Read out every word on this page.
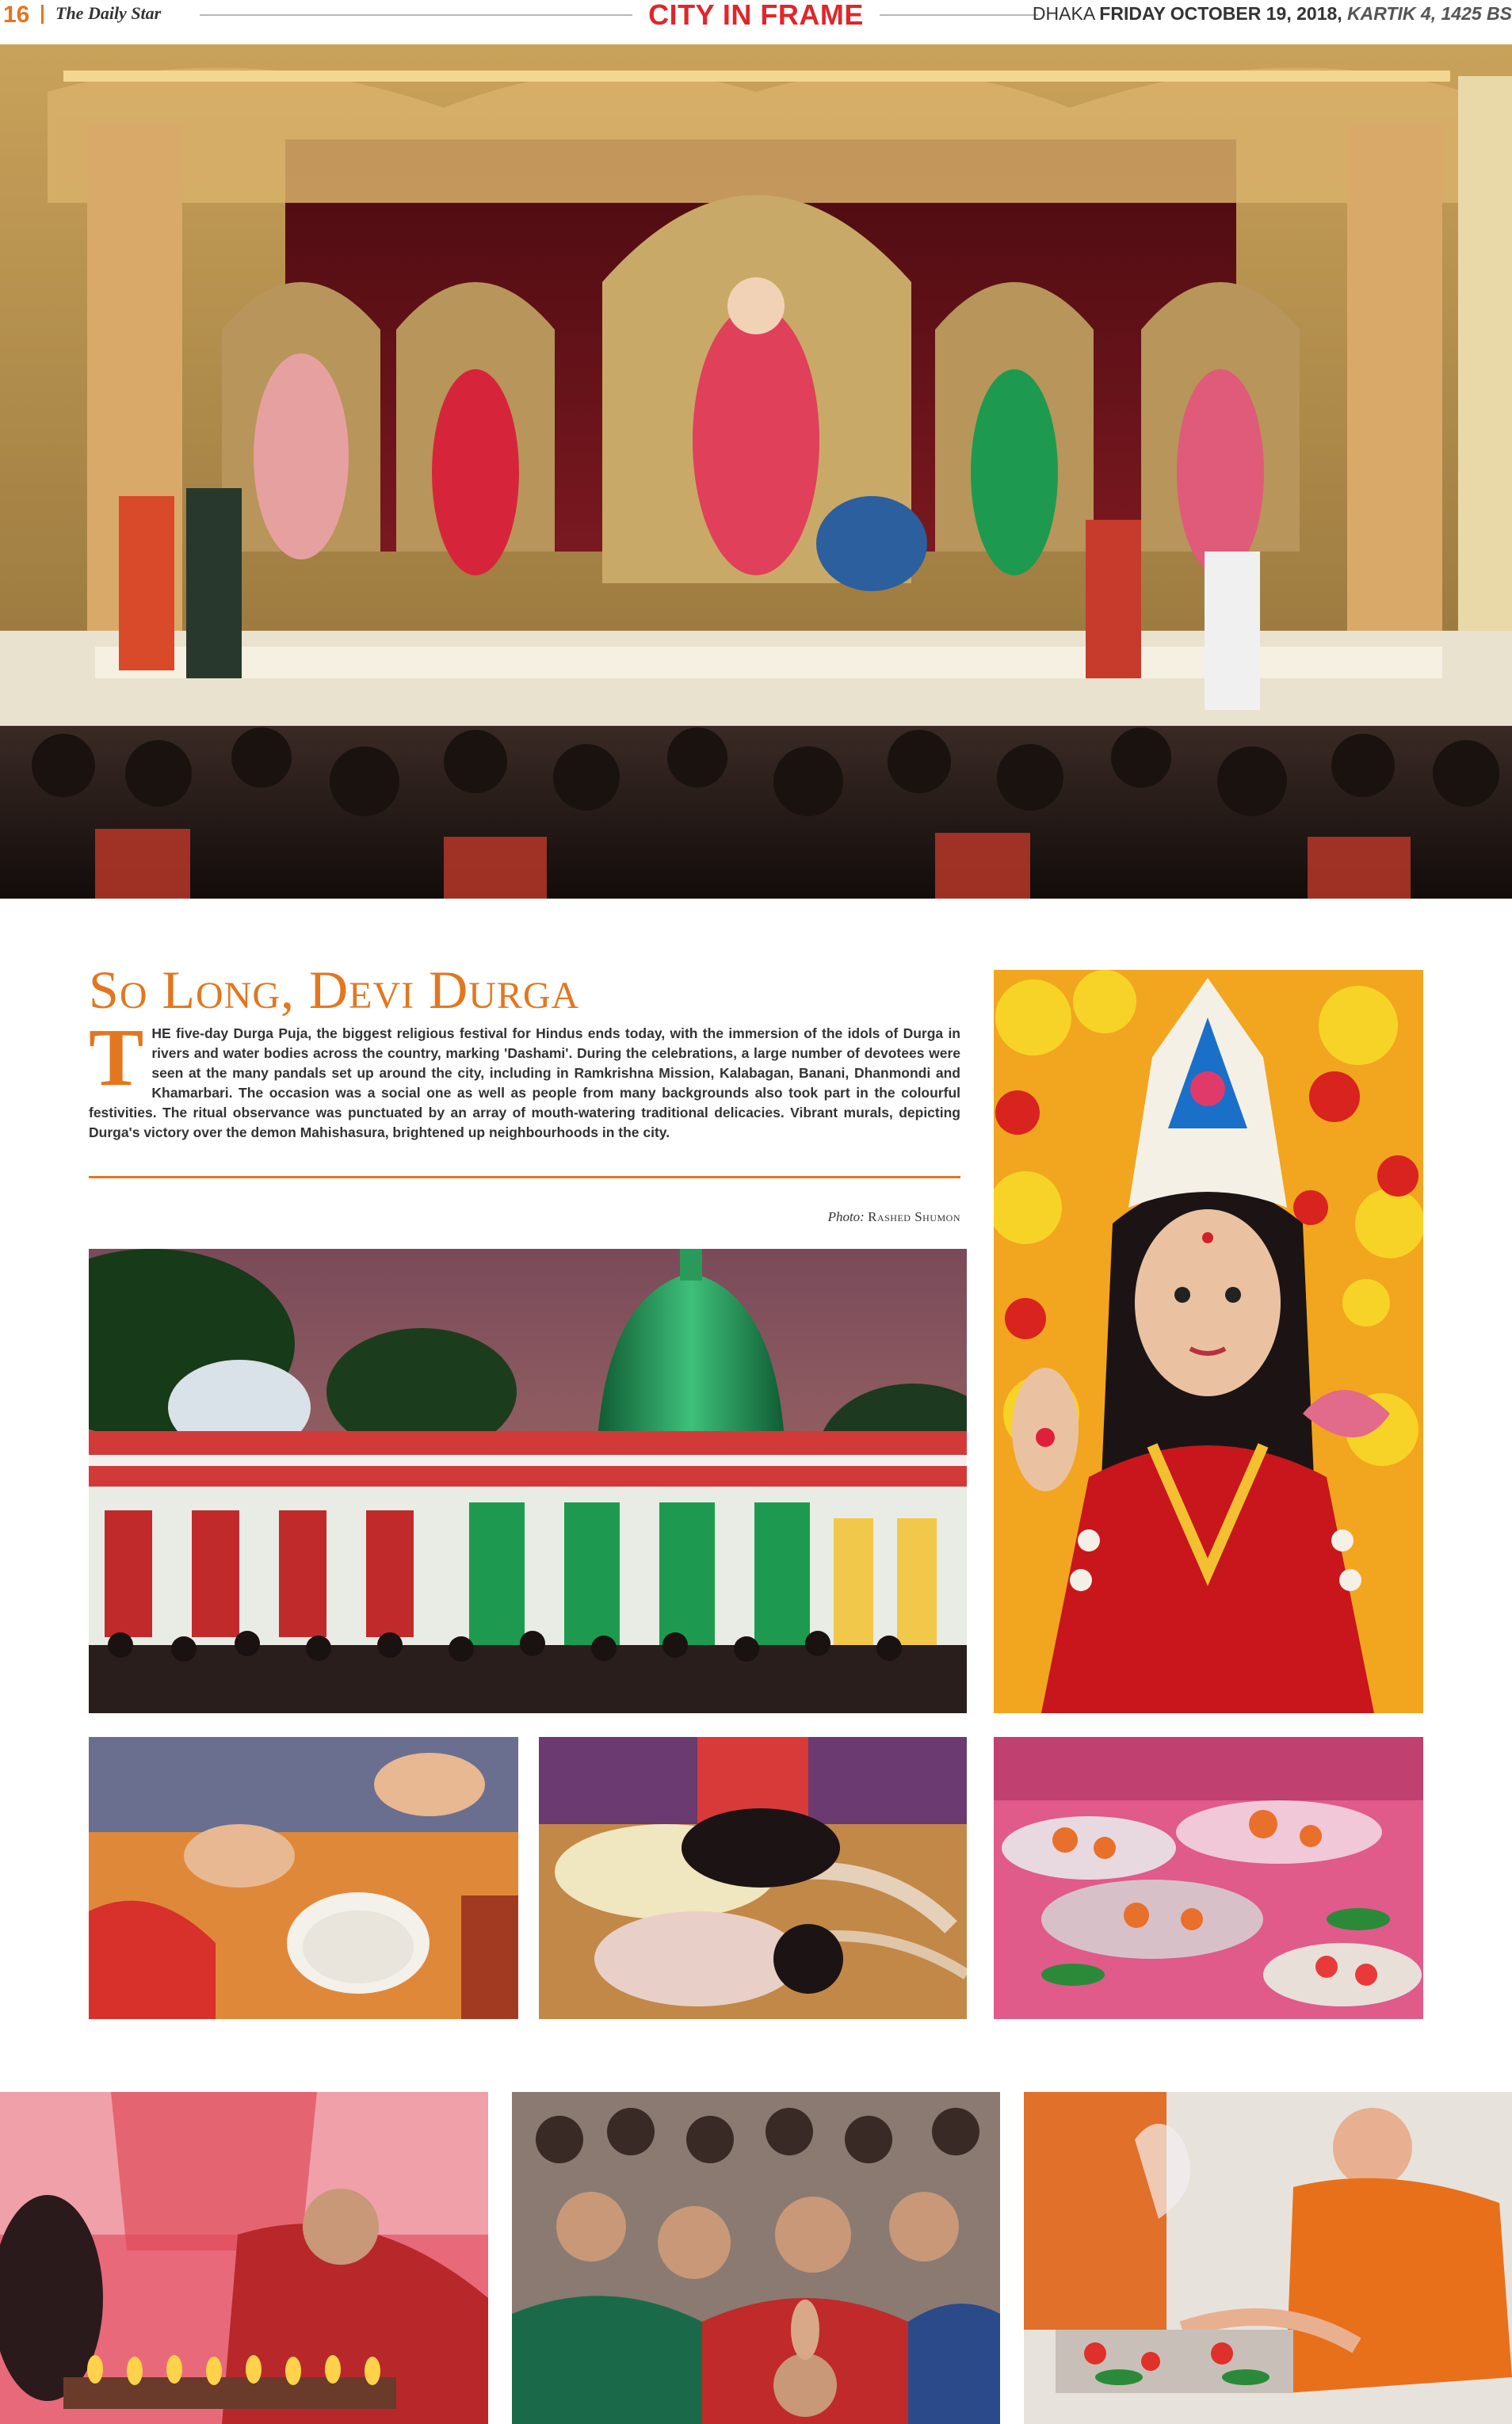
16 The Daily Star	CITY IN FRAME	DHAKA FRIDAY OCTOBER 19, 2018, KARTIK 4, 1425 BS
So Long, Devi Durga
T HE five-day Durga Puja, the biggest religious festival for Hindus ends today, with the immersion of the idols of Durga in rivers and water bodies across the country, marking 'Dashami'. During the celebrations, a large number of devotees were seen at the many pandals set up around the city, including in Ramkrishna Mission, Kalabagan, Banani, Dhanmondi and Khamarbari. The occasion was a social one as well as people from many backgrounds also took part in the colourful festivities. The ritual observance was punctuated by an array of mouth-watering traditional delicacies. Vibrant murals, depicting Durga's victory over the demon Mahishasura, brightened up neighbourhoods in the city.

Photo: Rashed Shumon
